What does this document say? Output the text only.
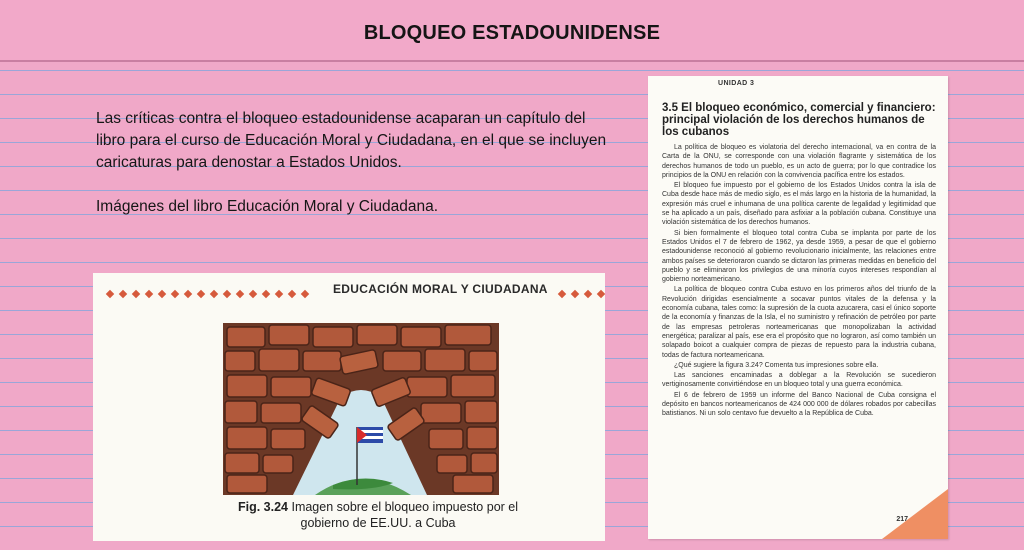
BLOQUEO ESTADOUNIDENSE

Las críticas contra el bloqueo estadounidense acaparan un capítulo del libro para el curso de Educación Moral y Ciudadana, en el que se incluyen caricaturas para denostar a Estados Unidos.

Imágenes del libro Educación Moral y Ciudadana.

EDUCACIÓN MORAL Y CIUDADANA
Fig. 3.24 Imagen sobre el bloqueo impuesto por el gobierno de EE.UU. a Cuba
UNIDAD 3
3.5 El bloqueo económico, comercial y financiero: principal violación de los derechos humanos de los cubanos

La política de bloqueo es violatoria del derecho internacional, va en contra de la Carta de la ONU, se corresponde con una violación flagrante y sistemática de los derechos humanos de todo un pueblo, es un acto de guerra; por lo que contradice los principios de la ONU en relación con la convivencia pacífica entre los estados.

El bloqueo fue impuesto por el gobierno de los Estados Unidos contra la isla de Cuba desde hace más de medio siglo, es el más largo en la historia de la humanidad, la expresión más cruel e inhumana de una política carente de legalidad y legitimidad que se ha aplicado a un país, diseñado para asfixiar a la población cubana. Constituye una violación sistemática de los derechos humanos.

Si bien formalmente el bloqueo total contra Cuba se implanta por parte de los Estados Unidos el 7 de febrero de 1962, ya desde 1959, a pesar de que el gobierno estadounidense reconoció al gobierno revolucionario inicialmente, las relaciones entre ambos países se deterioraron cuando se dictaron las primeras medidas en beneficio del pueblo y se eliminaron los privilegios de una minoría cuyos intereses respondían al gobierno norteamericano.

La política de bloqueo contra Cuba estuvo en los primeros años del triunfo de la Revolución dirigidas esencialmente a socavar puntos vitales de la defensa y la economía cubana, tales como: la supresión de la cuota azucarera, casi el único soporte de la economía y finanzas de la Isla, el no suministro y refinación de petróleo por parte de las empresas petroleras norteamericanas que monopolizaban la actividad energética; paralizar al país, ese era el propósito que no lograron, así como también un solapado boicot a cualquier compra de piezas de repuesto para la industria cubana, todas de factura norteamericana.

¿Qué sugiere la figura 3.24? Comenta tus impresiones sobre ella.

Las sanciones encaminadas a doblegar a la Revolución se sucedieron vertiginosamente convirtiéndose en un bloqueo total y una guerra económica.

El 6 de febrero de 1959 un informe del Banco Nacional de Cuba consigna el depósito en bancos norteamericanos de 424 000 000 de dólares robados por cabecillas batistianos. Ni un solo centavo fue devuelto a la República de Cuba.

217
